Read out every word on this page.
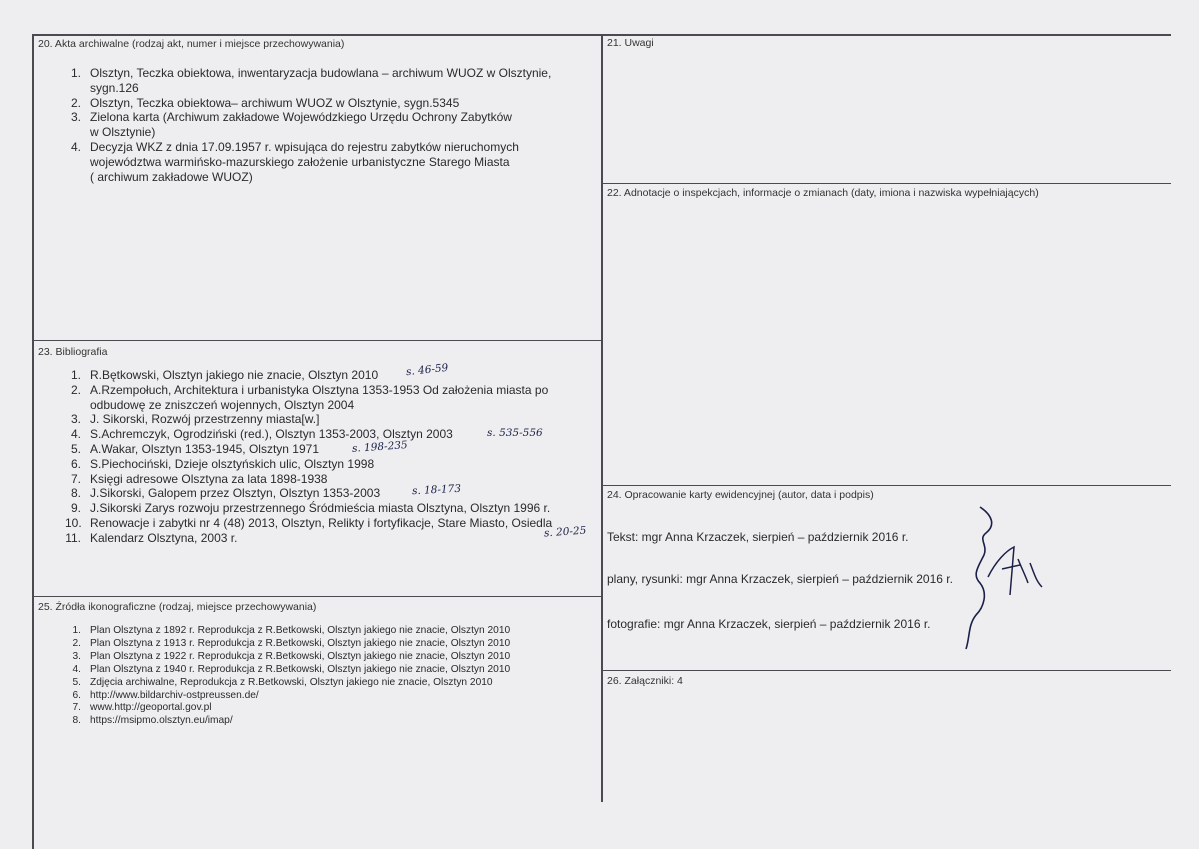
20. Akta archiwalne (rodzaj akt, numer i miejsce przechowywania)
1. Olsztyn, Teczka obiektowa, inwentaryzacja budowlana – archiwum WUOZ w Olsztynie,
sygn.126
2. Olsztyn, Teczka obiektowa– archiwum WUOZ w Olsztynie, sygn.5345
3. Zielona karta (Archiwum zakładowe Wojewódzkiego Urzędu Ochrony Zabytków
w Olsztynie)
4. Decyzja WKZ z dnia 17.09.1957 r. wpisująca do rejestru zabytków nieruchomych
województwa warmińsko-mazurskiego założenie urbanistyczne Starego Miasta
( archiwum zakładowe WUOZ)
21. Uwagi
22. Adnotacje o inspekcjach, informacje o zmianach (daty, imiona i nazwiska wypełniających)
23. Bibliografia
1. R.Bętkowski, Olsztyn jakiego nie znacie, Olsztyn 2010
2. A.Rzempołuch, Architektura i urbanistyka Olsztyna 1353-1953 Od założenia miasta po
odbudowę ze zniszczeń wojennych, Olsztyn 2004
3. J. Sikorski, Rozwój przestrzenny miasta[w.]
4. S.Achremczyk, Ogrodziński (red.), Olsztyn 1353-2003, Olsztyn 2003
5. A.Wakar, Olsztyn 1353-1945, Olsztyn 1971
6. S.Piechociński, Dzieje olsztyńskich ulic, Olsztyn 1998
7. Księgi adresowe Olsztyna za lata 1898-1938
8. J.Sikorski, Galopem przez Olsztyn, Olsztyn 1353-2003
9. J.Sikorski Zarys rozwoju przestrzennego Śródmieścia miasta Olsztyna, Olsztyn 1996 r.
10. Renowacje i zabytki nr 4 (48) 2013, Olsztyn, Relikty i fortyfikacje, Stare Miasto, Osiedla
11. Kalendarz Olsztyna, 2003 r.
s. 46-59
s. 535-556
s. 198-235
s. 18-173
s. 20-25
24. Opracowanie karty ewidencyjnej (autor, data i podpis)
Tekst: mgr Anna Krzaczek, sierpień – październik 2016 r.
plany, rysunki: mgr Anna Krzaczek, sierpień – październik 2016 r.
fotografie: mgr Anna Krzaczek, sierpień – październik 2016 r.
25. Źródła ikonograficzne (rodzaj, miejsce przechowywania)
1. Plan Olsztyna z 1892 r. Reprodukcja z R.Betkowski, Olsztyn jakiego nie znacie, Olsztyn 2010
2. Plan Olsztyna z 1913 r. Reprodukcja z R.Betkowski, Olsztyn jakiego nie znacie, Olsztyn 2010
3. Plan Olsztyna z 1922 r. Reprodukcja z R.Betkowski, Olsztyn jakiego nie znacie, Olsztyn 2010
4. Plan Olsztyna z 1940 r. Reprodukcja z R.Betkowski, Olsztyn jakiego nie znacie, Olsztyn 2010
5. Zdjęcia archiwalne, Reprodukcja z R.Betkowski, Olsztyn jakiego nie znacie, Olsztyn 2010
6. http://www.bildarchiv-ostpreussen.de/
7. www.http://geoportal.gov.pl
8. https://msipmo.olsztyn.eu/imap/
26. Załączniki: 4
